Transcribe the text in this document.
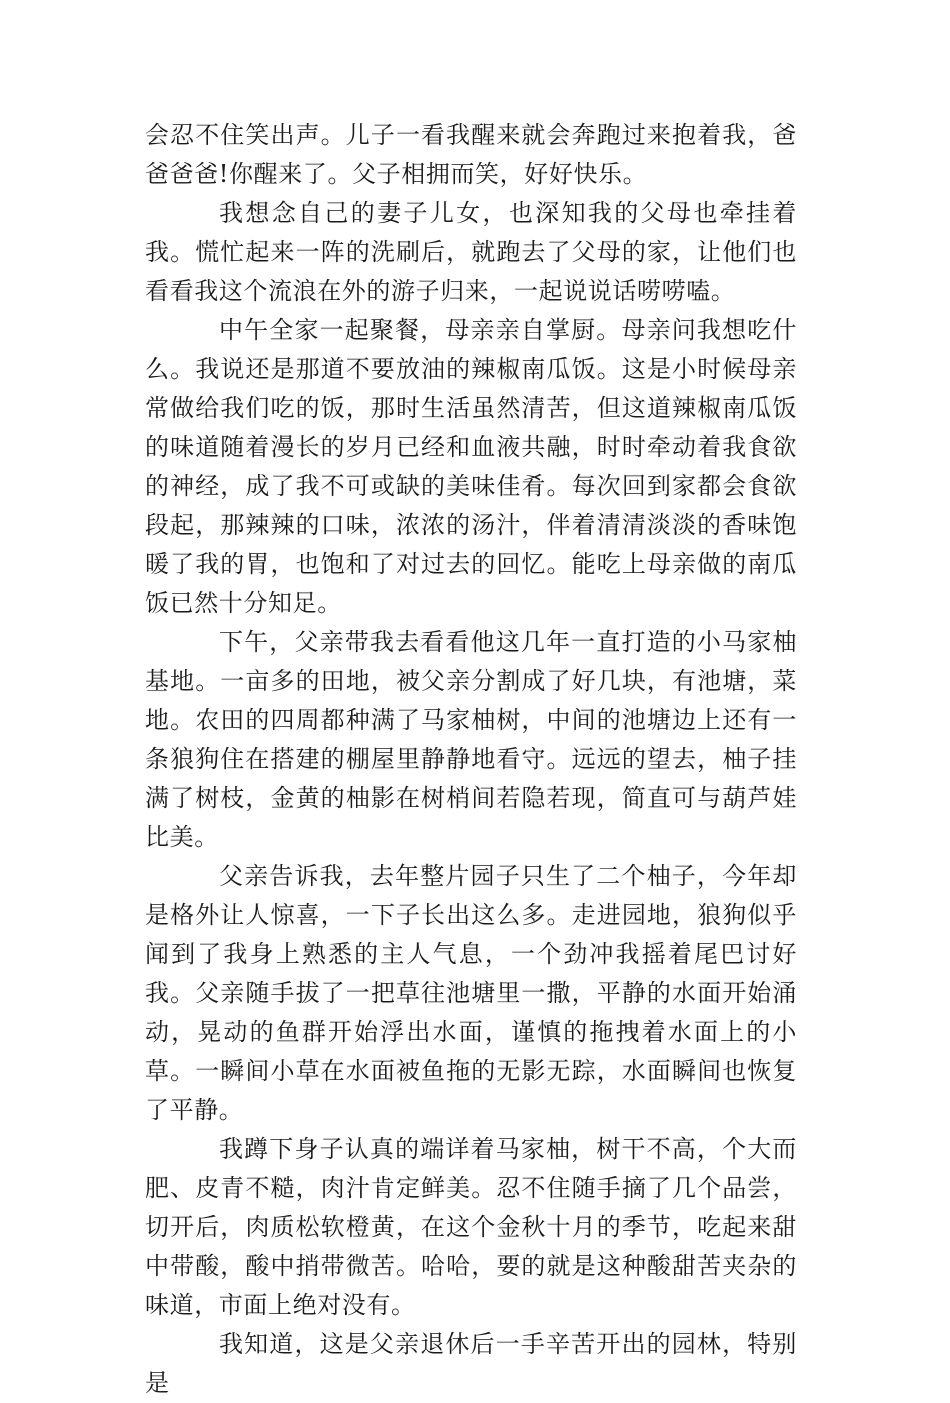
会忍不住笑出声。儿子一看我醒来就会奔跑过来抱着我，爸爸爸爸!你醒来了。父子相拥而笑，好好快乐。

我想念自己的妻子儿女，也深知我的父母也牵挂着我。慌忙起来一阵的洗刷后，就跑去了父母的家，让他们也看看我这个流浪在外的游子归来，一起说说话唠唠嗑。

中午全家一起聚餐，母亲亲自掌厨。母亲问我想吃什么。我说还是那道不要放油的辣椒南瓜饭。这是小时候母亲常做给我们吃的饭，那时生活虽然清苦，但这道辣椒南瓜饭的味道随着漫长的岁月已经和血液共融，时时牵动着我食欲的神经，成了我不可或缺的美味佳肴。每次回到家都会食欲段起，那辣辣的口味，浓浓的汤汁，伴着清清淡淡的香味饱暖了我的胃，也饱和了对过去的回忆。能吃上母亲做的南瓜饭已然十分知足。

下午，父亲带我去看看他这几年一直打造的小马家柚基地。一亩多的田地，被父亲分割成了好几块，有池塘，菜地。农田的四周都种满了马家柚树，中间的池塘边上还有一条狼狗住在搭建的棚屋里静静地看守。远远的望去，柚子挂满了树枝，金黄的柚影在树梢间若隐若现，简直可与葫芦娃比美。

父亲告诉我，去年整片园子只生了二个柚子，今年却是格外让人惊喜，一下子长出这么多。走进园地，狼狗似乎闻到了我身上熟悉的主人气息，一个劲冲我摇着尾巴讨好我。父亲随手拔了一把草往池塘里一撒，平静的水面开始涌动，晃动的鱼群开始浮出水面，谨慎的拖拽着水面上的小草。一瞬间小草在水面被鱼拖的无影无踪，水面瞬间也恢复了平静。

我蹲下身子认真的端详着马家柚，树干不高，个大而肥、皮青不糙，肉汁肯定鲜美。忍不住随手摘了几个品尝，切开后，肉质松软橙黄，在这个金秋十月的季节，吃起来甜中带酸，酸中捎带微苦。哈哈，要的就是这种酸甜苦夹杂的味道，市面上绝对没有。

我知道，这是父亲退休后一手辛苦开出的园林，特别是
